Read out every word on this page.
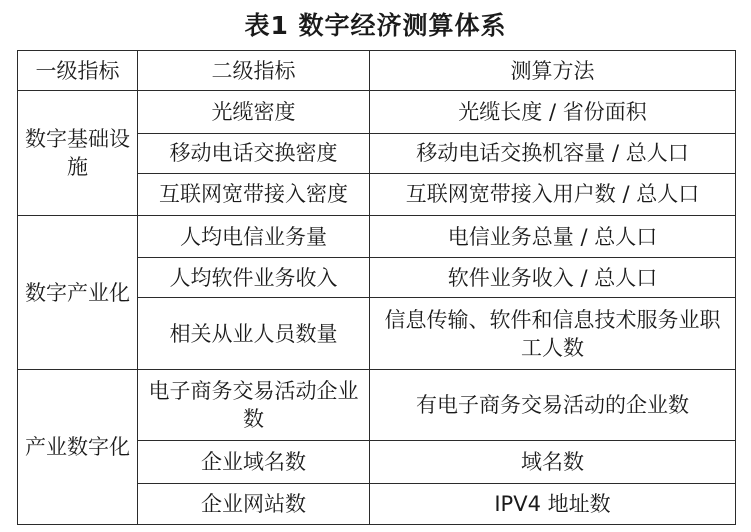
表1 数字经济测算体系
一级指标	二级指标	测算方法
数字基础设施	光缆密度	光缆长度 / 省份面积
	移动电话交换密度	移动电话交换机容量 / 总人口
	互联网宽带接入密度	互联网宽带接入用户数 / 总人口
数字产业化	人均电信业务量	电信业务总量 / 总人口
	人均软件业务收入	软件业务收入 / 总人口
	相关从业人员数量	信息传输、软件和信息技术服务业职工人数
产业数字化	电子商务交易活动企业数	有电子商务交易活动的企业数
	企业域名数	域名数
	企业网站数	IPV4 地址数
